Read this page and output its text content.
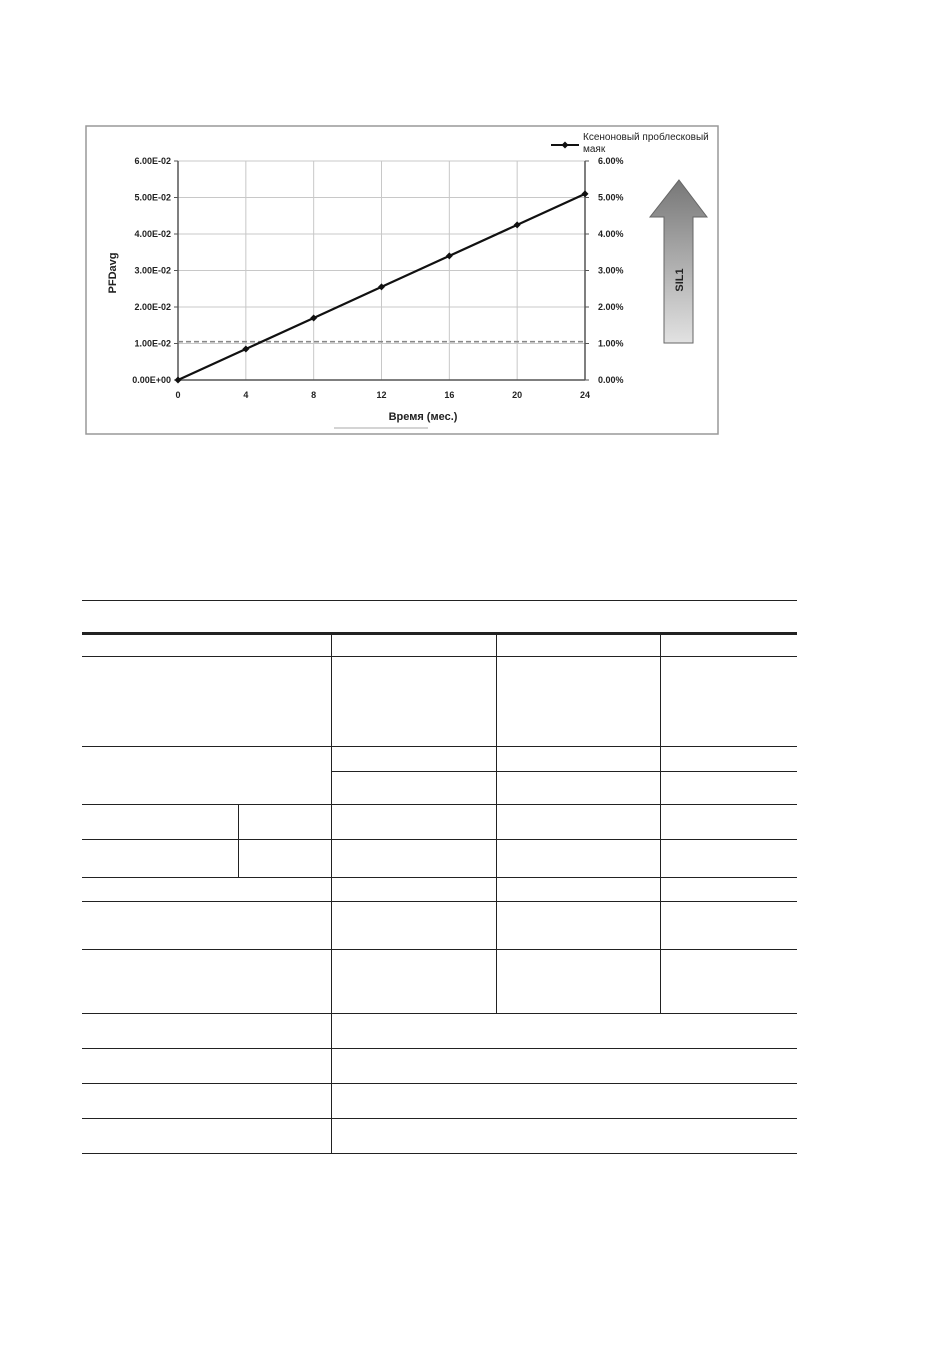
0.00E+00
1.00E-02
2.00E-02
3.00E-02
4.00E-02
5.00E-02
6.00E-02
0.00%
1.00%
2.00%
3.00%
4.00%
5.00%
6.00%
0	4	8	12	16	20	24
Время (мес.)
PFDavg
Ксеноновый проблесковый
маяк
SIL1
